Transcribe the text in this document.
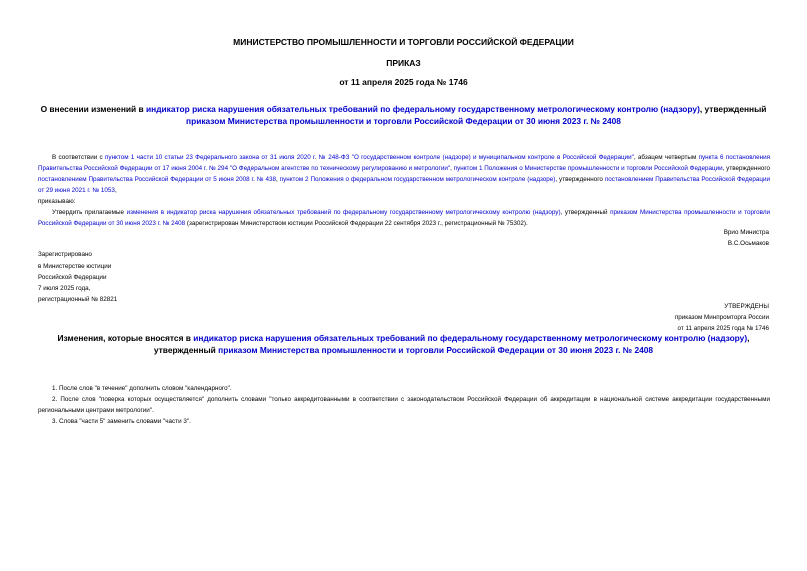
МИНИСТЕРСТВО ПРОМЫШЛЕННОСТИ И ТОРГОВЛИ РОССИЙСКОЙ ФЕДЕРАЦИИ
ПРИКАЗ
от 11 апреля 2025 года № 1746
О внесении изменений в индикатор риска нарушения обязательных требований по федеральному государственному метрологическому контролю (надзору), утвержденный приказом Министерства промышленности и торговли Российской Федерации от 30 июня 2023 г. № 2408
В соответствии с пунктом 1 части 10 статьи 23 Федерального закона от 31 июля 2020 г. № 248-ФЗ "О государственном контроле (надзоре) и муниципальном контроле в Российской Федерации", абзацем четвертым пункта 6 постановления Правительства Российской Федерации от 17 июня 2004 г. № 294 "О Федеральном агентстве по техническому регулированию и метрологии", пунктом 1 Положения о Министерстве промышленности и торговли Российской Федерации, утвержденного постановлением Правительства Российской Федерации от 5 июня 2008 г. № 438, пунктом 2 Положения о федеральном государственном метрологическом контроле (надзоре), утвержденного постановлением Правительства Российской Федерации от 29 июня 2021 г. № 1053,
приказываю:
Утвердить прилагаемые изменения в индикатор риска нарушения обязательных требований по федеральному государственному метрологическому контролю (надзору), утвержденный приказом Министерства промышленности и торговли Российской Федерации от 30 июня 2023 г. № 2408 (зарегистрирован Министерством юстиции Российской Федерации 22 сентября 2023 г., регистрационный № 75302).
Врио Министра
В.С.Осьмаков
Зарегистрировано
в Министерстве юстиции
Российской Федерации
7 июля 2025 года,
регистрационный № 82821
УТВЕРЖДЕНЫ
приказом Минпромторга России
от 11 апреля 2025 года № 1746
Изменения, которые вносятся в индикатор риска нарушения обязательных требований по федеральному государственному метрологическому контролю (надзору), утвержденный приказом Министерства промышленности и торговли Российской Федерации от 30 июня 2023 г. № 2408
1. После слов "в течение" дополнить словом "календарного".
2. После слов "поверка которых осуществляется" дополнить словами "только аккредитованными в соответствии с законодательством Российской Федерации об аккредитации в национальной системе аккредитации государственными региональными центрами метрологии".
3. Слова "части 5" заменить словами "части 3".
